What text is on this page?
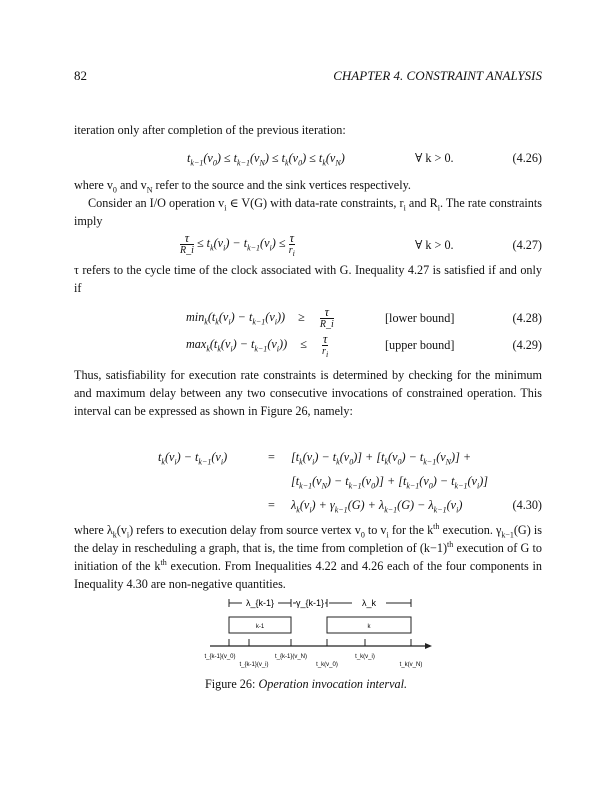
82	CHAPTER 4. CONSTRAINT ANALYSIS
iteration only after completion of the previous iteration:
$t_{k-1}(v_0) \le t_{k-1}(v_N) \le t_k(v_0) \le t_k(v_N)$	∀ k > 0.	(4.26)
where $v_0$ and $v_N$ refer to the source and the sink vertices respectively.
Consider an I/O operation $v_i$ ∈ V(G) with data-rate constraints, $r_i$ and $R_i$. The rate constraints imply
$\frac{\tau}{R\_i} \le t_k(v_i) - t_{k-1}(v_i) \le \frac{\tau}{r_i}$	∀ k > 0.	(4.27)
τ refers to the cycle time of the clock associated with G. Inequality 4.27 is satisfied if and only if
$\min_k(t_k(v_i) - t_{k-1}(v_i)) \ge \frac{\tau}{R\_i}$	[lower bound]	(4.28)
$\max_k(t_k(v_i) - t_{k-1}(v_i)) \le \frac{\tau}{r_i}$	[upper bound]	(4.29)
Thus, satisfiability for execution rate constraints is determined by checking for the minimum and maximum delay between any two consecutive invocations of constrained operation. This interval can be expressed as shown in Figure 26, namely:
$t_k(v_i) - t_{k-1}(v_i)$	= $[t_k(v_i) - t_k(v_0)] + [t_k(v_0) - t_{k-1}(v_N)]$ +
$[t_{k-1}(v_N) - t_{k-1}(v_0)] + [t_{k-1}(v_0) - t_{k-1}(v_i)]$
= $\lambda_k(v_i) + \gamma_{k-1}(G) + \lambda_{k-1}(G) - \lambda_{k-1}(v_i)$	(4.30)
where $\lambda_k(v_i)$ refers to execution delay from source vertex $v_0$ to $v_i$ for the $k^{th}$ execution. $\gamma_{k-1}(G)$ is the delay in rescheduling a graph, that is, the time from completion of $(k-1)^{th}$ execution of G to initiation of the $k^{th}$ execution. From Inequalities 4.22 and 4.26 each of the four components in Inequality 4.30 are non-negative quantities.
λ_{k-1} γ_{k-1}	λ_k
k-1	k
t_{k-1}(v_0)
t_{k-1}(v_i)
t_{k-1}(v_N)
t_k(v_0)
t_k(v_i)
t_k(v_N)
Figure 26: Operation invocation interval.
